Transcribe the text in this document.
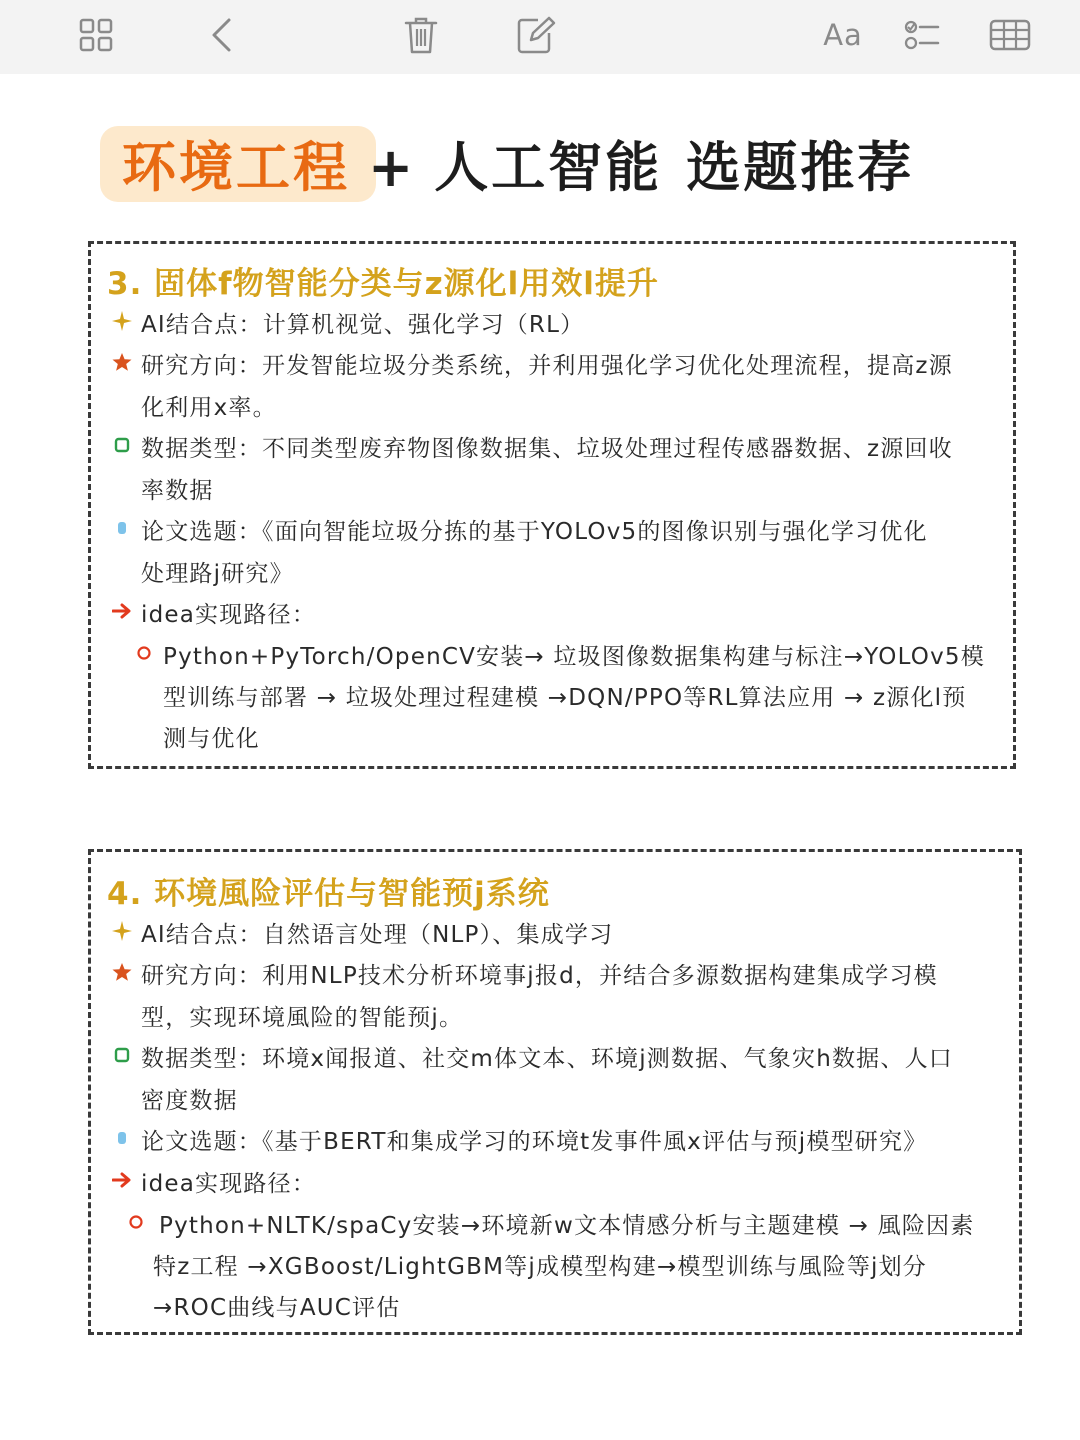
Aa
环境工程 + 人工智能 选题推荐
3. 固体f物智能分类与z源化l用效l提升
AI结合点：计算机视觉、强化学习（RL）
研究方向：开发智能垃圾分类系统，并利用强化学习优化处理流程，提高z源
化利用x率。
数据类型：不同类型废弃物图像数据集、垃圾处理过程传感器数据、z源回收
率数据
论文选题：《面向智能垃圾分拣的基于YOLOv5的图像识别与强化学习优化
处理路j研究》
idea实现路径：
Python+PyTorch/OpenCV安装→ 垃圾图像数据集构建与标注→YOLOv5模
型训练与部署 → 垃圾处理过程建模 →DQN/PPO等RL算法应用 → z源化l预
测与优化
4. 环境風险评估与智能预j系统
AI结合点：自然语言处理（NLP）、集成学习
研究方向：利用NLP技术分析环境事j报d，并结合多源数据构建集成学习模
型，实现环境風险的智能预j。
数据类型：环境x闻报道、社交m体文本、环境j测数据、气象灾h数据、人口
密度数据
论文选题：《基于BERT和集成学习的环境t发事件風x评估与预j模型研究》
idea实现路径：
Python+NLTK/spaCy安装→环境新w文本情感分析与主题建模 → 風险因素
特z工程 →XGBoost/LightGBM等j成模型构建→模型训练与風险等j划分
→ROC曲线与AUC评估
